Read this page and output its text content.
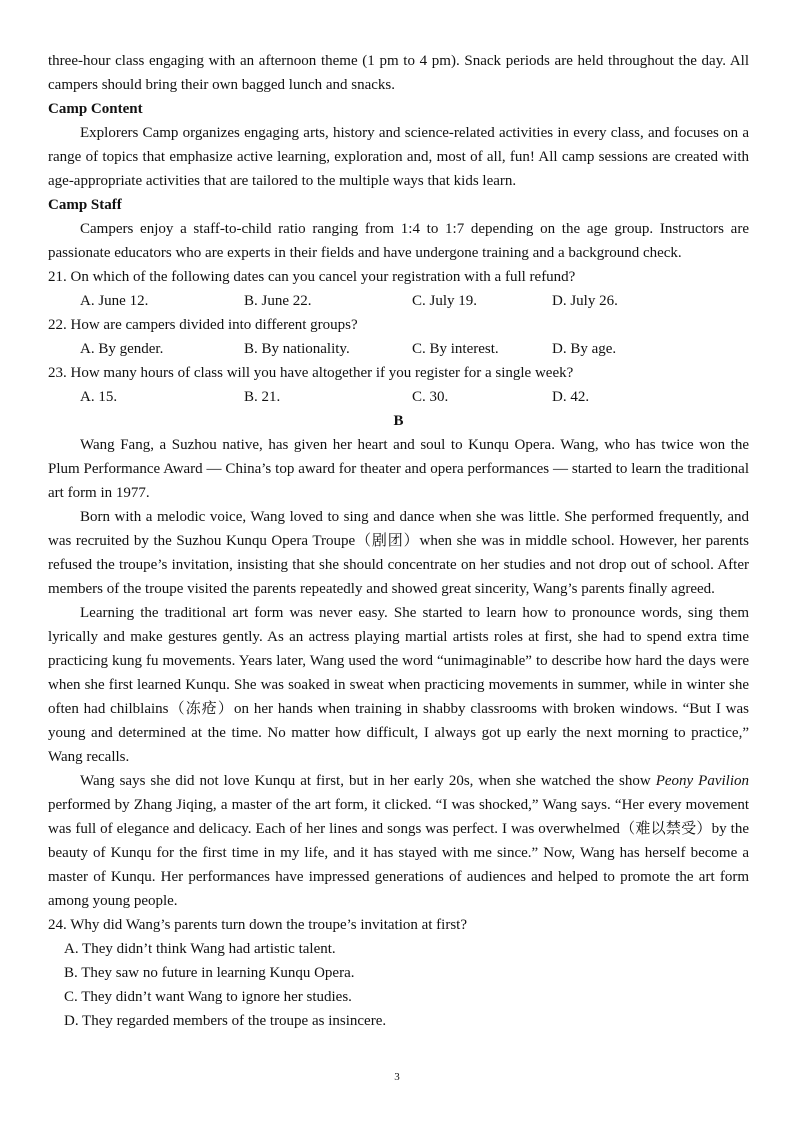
three-hour class engaging with an afternoon theme (1 pm to 4 pm). Snack periods are held throughout the day. All campers should bring their own bagged lunch and snacks.

Camp Content

Explorers Camp organizes engaging arts, history and science-related activities in every class, and focuses on a range of topics that emphasize active learning, exploration and, most of all, fun! All camp sessions are created with age-appropriate activities that are tailored to the multiple ways that kids learn.

Camp Staff

Campers enjoy a staff-to-child ratio ranging from 1:4 to 1:7 depending on the age group. Instructors are passionate educators who are experts in their fields and have undergone training and a background check.

21. On which of the following dates can you cancel your registration with a full refund?

A. June 12.	B. June 22.	C. July 19.	D. July 26.

22. How are campers divided into different groups?

A. By gender.	B. By nationality.	C. By interest.	D. By age.

23. How many hours of class will you have altogether if you register for a single week?

A. 15.	B. 21.	C. 30.	D. 42.

B

Wang Fang, a Suzhou native, has given her heart and soul to Kunqu Opera. Wang, who has twice won the Plum Performance Award — China’s top award for theater and opera performances — started to learn the traditional art form in 1977.

Born with a melodic voice, Wang loved to sing and dance when she was little. She performed frequently, and was recruited by the Suzhou Kunqu Opera Troupe（剧团）when she was in middle school. However, her parents refused the troupe’s invitation, insisting that she should concentrate on her studies and not drop out of school. After members of the troupe visited the parents repeatedly and showed great sincerity, Wang’s parents finally agreed.

Learning the traditional art form was never easy. She started to learn how to pronounce words, sing them lyrically and make gestures gently. As an actress playing martial artists roles at first, she had to spend extra time practicing kung fu movements. Years later, Wang used the word “unimaginable” to describe how hard the days were when she first learned Kunqu. She was soaked in sweat when practicing movements in summer, while in winter she often had chilblains（冻疮）on her hands when training in shabby classrooms with broken windows. “But I was young and determined at the time. No matter how difficult, I always got up early the next morning to practice,” Wang recalls.

Wang says she did not love Kunqu at first, but in her early 20s, when she watched the show Peony Pavilion performed by Zhang Jiqing, a master of the art form, it clicked. “I was shocked,” Wang says. “Her every movement was full of elegance and delicacy. Each of her lines and songs was perfect. I was overwhelmed（难以禁受）by the beauty of Kunqu for the first time in my life, and it has stayed with me since.” Now, Wang has herself become a master of Kunqu. Her performances have impressed generations of audiences and helped to promote the art form among young people.

24. Why did Wang’s parents turn down the troupe’s invitation at first?

A. They didn’t think Wang had artistic talent.

B. They saw no future in learning Kunqu Opera.

C. They didn’t want Wang to ignore her studies.

D. They regarded members of the troupe as insincere.

3
